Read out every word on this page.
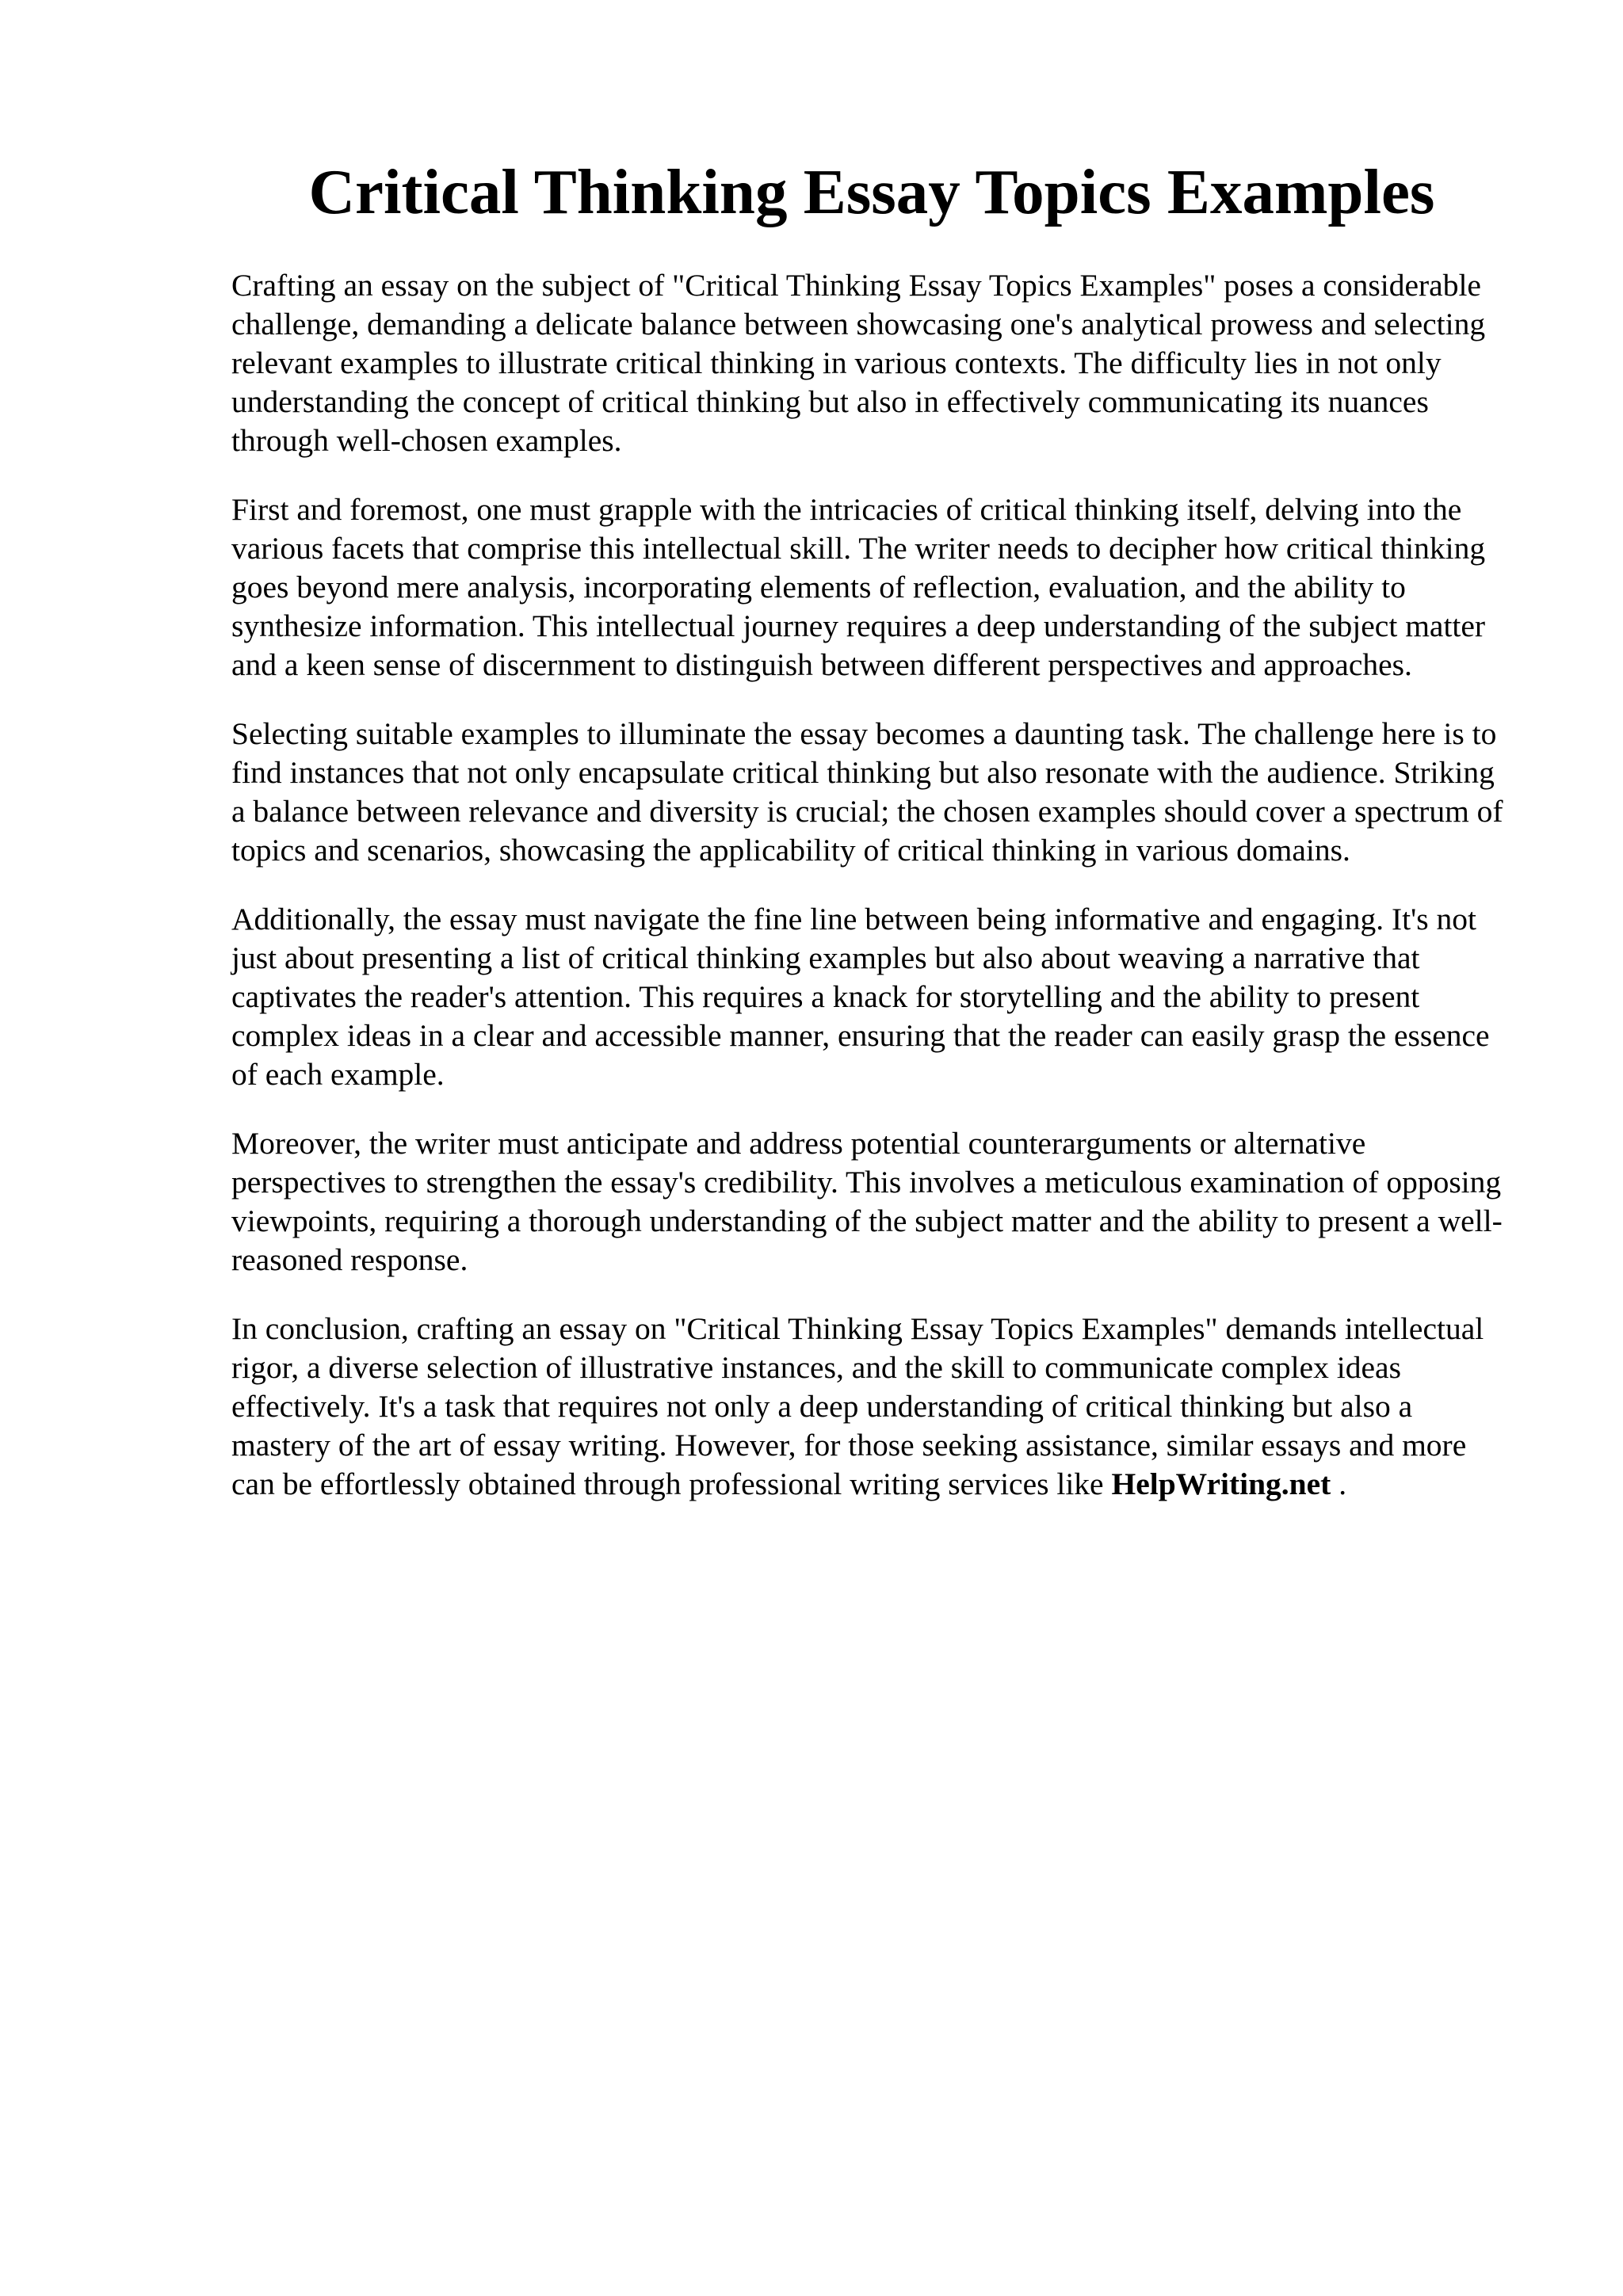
Critical Thinking Essay Topics Examples

Crafting an essay on the subject of "Critical Thinking Essay Topics Examples" poses a considerable challenge, demanding a delicate balance between showcasing one's analytical prowess and selecting relevant examples to illustrate critical thinking in various contexts. The difficulty lies in not only understanding the concept of critical thinking but also in effectively communicating its nuances through well-chosen examples.

First and foremost, one must grapple with the intricacies of critical thinking itself, delving into the various facets that comprise this intellectual skill. The writer needs to decipher how critical thinking goes beyond mere analysis, incorporating elements of reflection, evaluation, and the ability to synthesize information. This intellectual journey requires a deep understanding of the subject matter and a keen sense of discernment to distinguish between different perspectives and approaches.

Selecting suitable examples to illuminate the essay becomes a daunting task. The challenge here is to find instances that not only encapsulate critical thinking but also resonate with the audience. Striking a balance between relevance and diversity is crucial; the chosen examples should cover a spectrum of topics and scenarios, showcasing the applicability of critical thinking in various domains.

Additionally, the essay must navigate the fine line between being informative and engaging. It's not just about presenting a list of critical thinking examples but also about weaving a narrative that captivates the reader's attention. This requires a knack for storytelling and the ability to present complex ideas in a clear and accessible manner, ensuring that the reader can easily grasp the essence of each example.

Moreover, the writer must anticipate and address potential counterarguments or alternative perspectives to strengthen the essay's credibility. This involves a meticulous examination of opposing viewpoints, requiring a thorough understanding of the subject matter and the ability to present a well-reasoned response.

In conclusion, crafting an essay on "Critical Thinking Essay Topics Examples" demands intellectual rigor, a diverse selection of illustrative instances, and the skill to communicate complex ideas effectively. It's a task that requires not only a deep understanding of critical thinking but also a mastery of the art of essay writing. However, for those seeking assistance, similar essays and more can be effortlessly obtained through professional writing services like HelpWriting.net .
